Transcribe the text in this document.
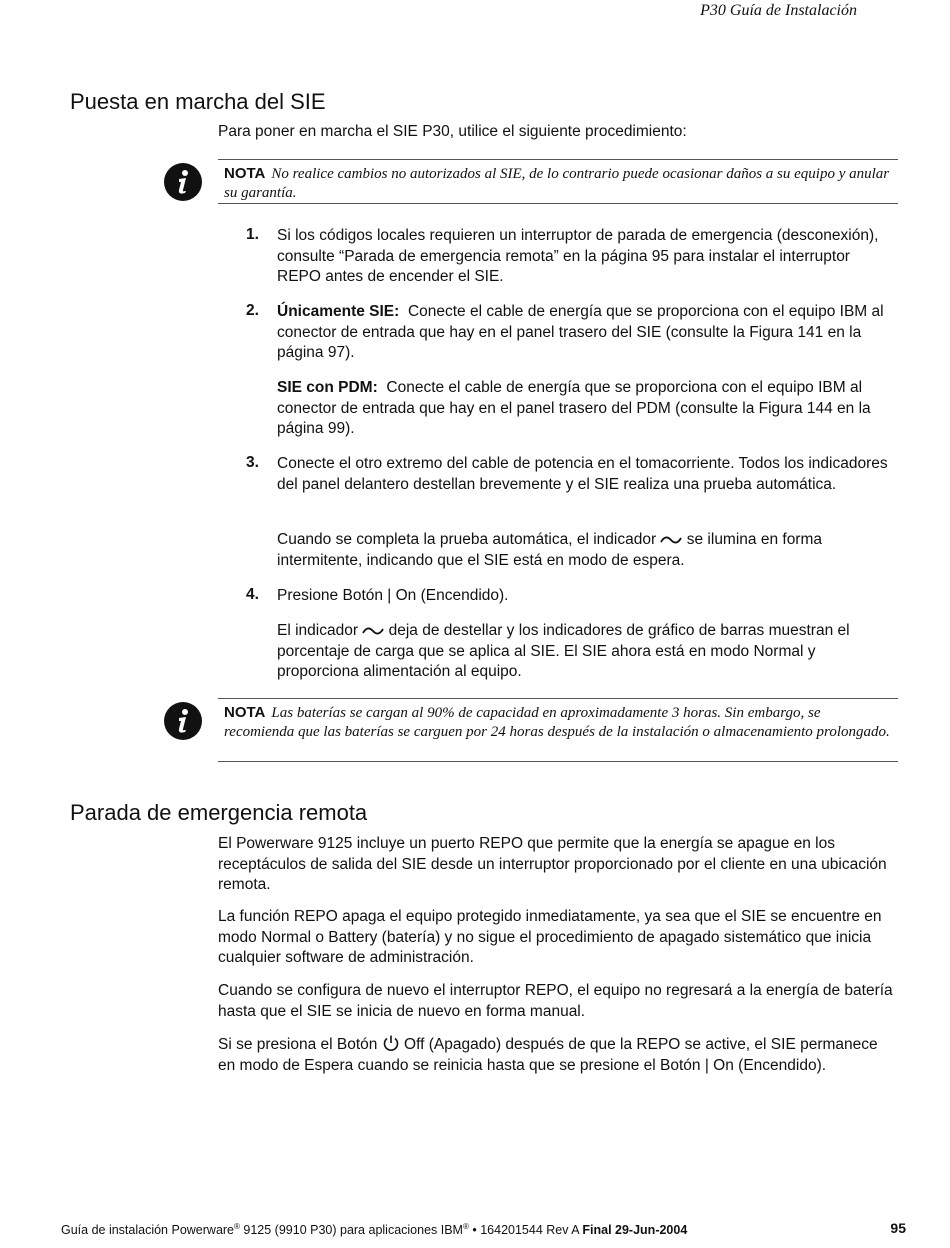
P30 Guía de Instalación
Puesta en marcha del SIE

Para poner en marcha el SIE P30, utilice el siguiente procedimiento:

NOTA No realice cambios no autorizados al SIE, de lo contrario puede ocasionar daños a su equipo y anular su garantía.
1. Si los códigos locales requieren un interruptor de parada de emergencia (desconexión), consulte “Parada de emergencia remota” en la página 95 para instalar el interruptor REPO antes de encender el SIE.

2. Únicamente SIE: Conecte el cable de energía que se proporciona con el equipo IBM al conector de entrada que hay en el panel trasero del SIE (consulte la Figura 141 en la página 97).

SIE con PDM: Conecte el cable de energía que se proporciona con el equipo IBM al conector de entrada que hay en el panel trasero del PDM (consulte la Figura 144 en la página 99).

3. Conecte el otro extremo del cable de potencia en el tomacorriente. Todos los indicadores del panel delantero destellan brevemente y el SIE realiza una prueba automática.

Cuando se completa la prueba automática, el indicador se ilumina en forma intermitente, indicando que el SIE está en modo de espera.

4. Presione Botón | On (Encendido).

El indicador deja de destellar y los indicadores de gráfico de barras muestran el porcentaje de carga que se aplica al SIE. El SIE ahora está en modo Normal y proporciona alimentación al equipo.

NOTA Las baterías se cargan al 90% de capacidad en aproximadamente 3 horas. Sin embargo, se recomienda que las baterías se carguen por 24 horas después de la instalación o almacenamiento prolongado.
Parada de emergencia remota

El Powerware 9125 incluye un puerto REPO que permite que la energía se apague en los receptáculos de salida del SIE desde un interruptor proporcionado por el cliente en una ubicación remota.

La función REPO apaga el equipo protegido inmediatamente, ya sea que el SIE se encuentre en modo Normal o Battery (batería) y no sigue el procedimiento de apagado sistemático que inicia cualquier software de administración.

Cuando se configura de nuevo el interruptor REPO, el equipo no regresará a la energía de batería hasta que el SIE se inicia de nuevo en forma manual.

Si se presiona el Botón Off (Apagado) después de que la REPO se active, el SIE permanece en modo de Espera cuando se reinicia hasta que se presione el Botón | On (Encendido).

Guía de instalación Powerware® 9125 (9910 P30) para aplicaciones IBM® • 164201544 Rev A Final 29-Jun-2004	95
